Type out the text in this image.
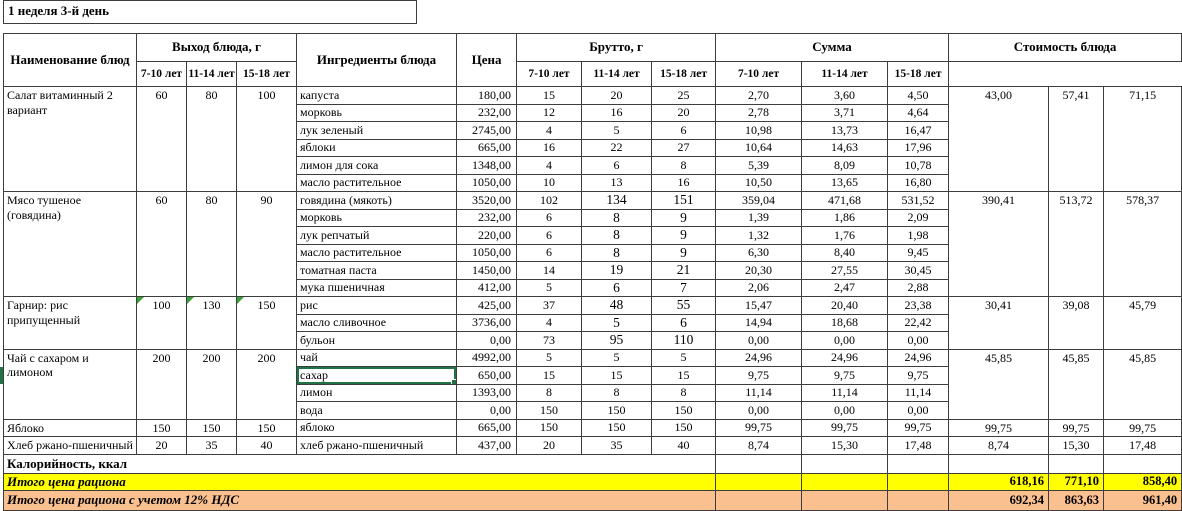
1 неделя 3-й день
Наименование блюд	Выход блюда, г			Ингредиенты блюда	Цена	Брутто, г			Сумма			Стоимость блюда		
	7-10 лет	11-14 лет	15-18 лет			7-10 лет	11-14 лет	15-18 лет	7-10 лет	11-14 лет	15-18 лет			
Салат витаминный 2 вариант	60	80	100	капуста	180,00	15	20	25	2,70	3,60	4,50	43,00	57,41	71,15
				морковь	232,00	12	16	20	2,78	3,71	4,64			
				лук зеленый	2745,00	4	5	6	10,98	13,73	16,47			
				яблоки	665,00	16	22	27	10,64	14,63	17,96			
				лимон для сока	1348,00	4	6	8	5,39	8,09	10,78			
				масло растительное	1050,00	10	13	16	10,50	13,65	16,80			
Мясо тушеное (говядина)	60	80	90	говядина (мякоть)	3520,00	102	134	151	359,04	471,68	531,52	390,41	513,72	578,37
				морковь	232,00	6	8	9	1,39	1,86	2,09			
				лук репчатый	220,00	6	8	9	1,32	1,76	1,98			
				масло растительное	1050,00	6	8	9	6,30	8,40	9,45			
				томатная паста	1450,00	14	19	21	20,30	27,55	30,45			
				мука пшеничная	412,00	5	6	7	2,06	2,47	2,88			
Гарнир: рис припущенный	100	130	150	рис	425,00	37	48	55	15,47	20,40	23,38	30,41	39,08	45,79
				масло сливочное	3736,00	4	5	6	14,94	18,68	22,42			
				бульон	0,00	73	95	110	0,00	0,00	0,00			
Чай с сахаром и лимоном	200	200	200	чай	4992,00	5	5	5	24,96	24,96	24,96	45,85	45,85	45,85
				сахар	650,00	15	15	15	9,75	9,75	9,75			
				лимон	1393,00	8	8	8	11,14	11,14	11,14			
				вода	0,00	150	150	150	0,00	0,00	0,00			
Яблоко	150	150	150	яблоко	665,00	150	150	150	99,75	99,75	99,75	99,75	99,75	99,75
Хлеб ржано-пшеничный	20	35	40	хлеб ржано-пшеничный	437,00	20	35	40	8,74	15,30	17,48	8,74	15,30	17,48
Калорийность, ккал														
Итого цена рациона												618,16	771,10	858,40
Итого цена рациона с учетом 12% НДС												692,34	863,63	961,40
